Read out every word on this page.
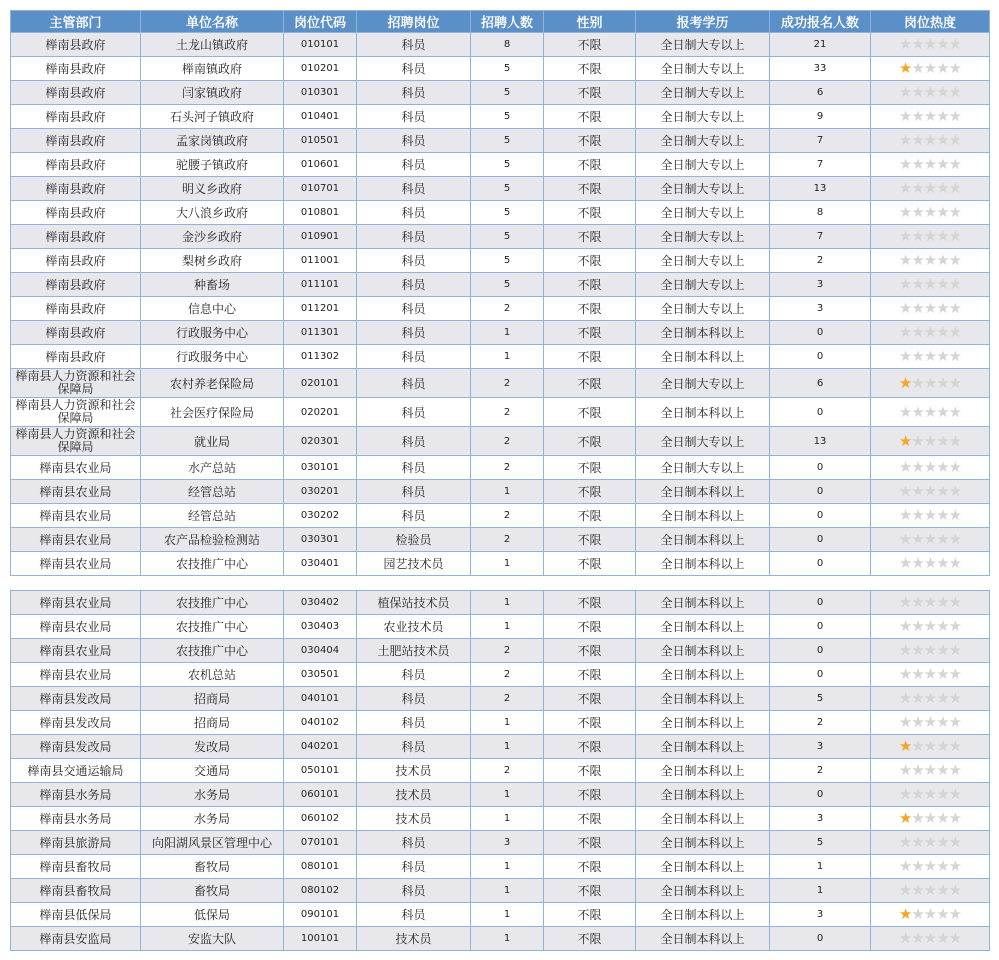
主管部门	单位名称	岗位代码	招聘岗位	招聘人数	性别	报考学历	成功报名人数	岗位热度
榉南县政府	土龙山镇政府	010101	科员	8	不限	全日制大专以上	21	★★★★★
榉南县政府	榉南镇政府	010201	科员	5	不限	全日制大专以上	33	★★★★★
榉南县政府	闫家镇政府	010301	科员	5	不限	全日制大专以上	6	★★★★★
榉南县政府	石头河子镇政府	010401	科员	5	不限	全日制大专以上	9	★★★★★
榉南县政府	孟家岗镇政府	010501	科员	5	不限	全日制大专以上	7	★★★★★
榉南县政府	驼腰子镇政府	010601	科员	5	不限	全日制大专以上	7	★★★★★
榉南县政府	明义乡政府	010701	科员	5	不限	全日制大专以上	13	★★★★★
榉南县政府	大八浪乡政府	010801	科员	5	不限	全日制大专以上	8	★★★★★
榉南县政府	金沙乡政府	010901	科员	5	不限	全日制大专以上	7	★★★★★
榉南县政府	梨树乡政府	011001	科员	5	不限	全日制大专以上	2	★★★★★
榉南县政府	种畜场	011101	科员	5	不限	全日制大专以上	3	★★★★★
榉南县政府	信息中心	011201	科员	2	不限	全日制大专以上	3	★★★★★
榉南县政府	行政服务中心	011301	科员	1	不限	全日制本科以上	0	★★★★★
榉南县政府	行政服务中心	011302	科员	1	不限	全日制本科以上	0	★★★★★
榉南县人力资源和社会保障局	农村养老保险局	020101	科员	2	不限	全日制大专以上	6	★★★★★
榉南县人力资源和社会保障局	社会医疗保险局	020201	科员	2	不限	全日制本科以上	0	★★★★★
榉南县人力资源和社会保障局	就业局	020301	科员	2	不限	全日制大专以上	13	★★★★★
榉南县农业局	水产总站	030101	科员	2	不限	全日制大专以上	0	★★★★★
榉南县农业局	经管总站	030201	科员	1	不限	全日制本科以上	0	★★★★★
榉南县农业局	经管总站	030202	科员	2	不限	全日制本科以上	0	★★★★★
榉南县农业局	农产品检验检测站	030301	检验员	2	不限	全日制本科以上	0	★★★★★
榉南县农业局	农技推广中心	030401	园艺技术员	1	不限	全日制本科以上	0	★★★★★
榉南县农业局	农技推广中心	030402	植保站技术员	1	不限	全日制本科以上	0	★★★★★
榉南县农业局	农技推广中心	030403	农业技术员	1	不限	全日制本科以上	0	★★★★★
榉南县农业局	农技推广中心	030404	土肥站技术员	2	不限	全日制本科以上	0	★★★★★
榉南县农业局	农机总站	030501	科员	2	不限	全日制本科以上	0	★★★★★
榉南县发改局	招商局	040101	科员	2	不限	全日制本科以上	5	★★★★★
榉南县发改局	招商局	040102	科员	1	不限	全日制本科以上	2	★★★★★
榉南县发改局	发改局	040201	科员	1	不限	全日制本科以上	3	★★★★★
榉南县交通运输局	交通局	050101	技术员	2	不限	全日制本科以上	2	★★★★★
榉南县水务局	水务局	060101	技术员	1	不限	全日制本科以上	0	★★★★★
榉南县水务局	水务局	060102	技术员	1	不限	全日制本科以上	3	★★★★★
榉南县旅游局	向阳湖风景区管理中心	070101	科员	3	不限	全日制本科以上	5	★★★★★
榉南县畜牧局	畜牧局	080101	科员	1	不限	全日制本科以上	1	★★★★★
榉南县畜牧局	畜牧局	080102	科员	1	不限	全日制本科以上	1	★★★★★
榉南县低保局	低保局	090101	科员	1	不限	全日制本科以上	3	★★★★★
榉南县安监局	安监大队	100101	技术员	1	不限	全日制本科以上	0	★★★★★
